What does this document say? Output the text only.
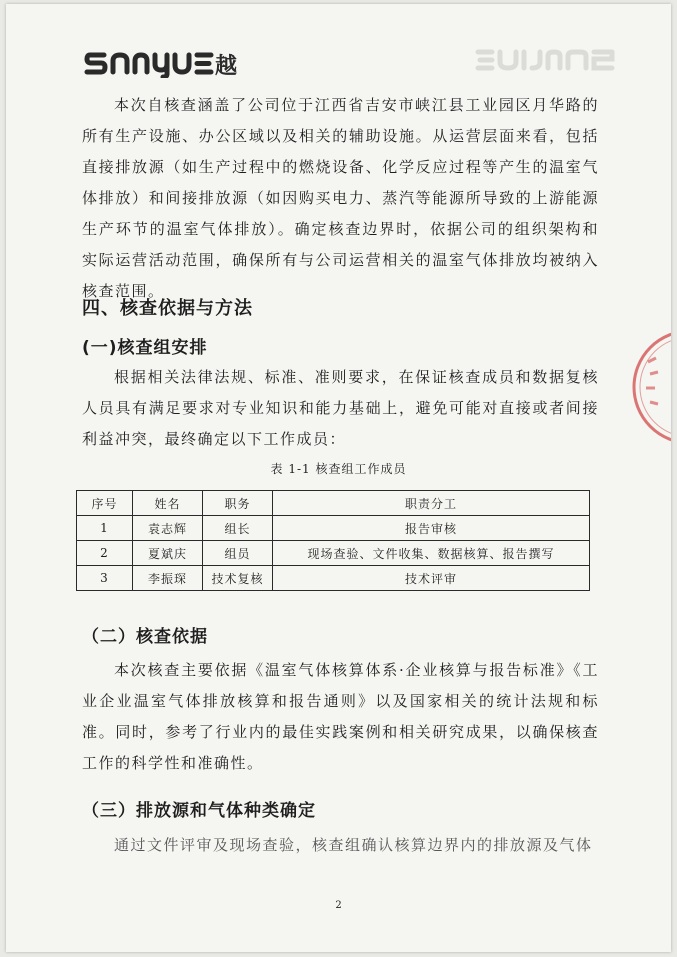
越

本次自核查涵盖了公司位于江西省吉安市峡江县工业园区月华路的所有生产设施、办公区域以及相关的辅助设施。从运营层面来看，包括直接排放源（如生产过程中的燃烧设备、化学反应过程等产生的温室气体排放）和间接排放源（如因购买电力、蒸汽等能源所导致的上游能源生产环节的温室气体排放）。确定核查边界时，依据公司的组织架构和实际运营活动范围，确保所有与公司运营相关的温室气体排放均被纳入核查范围。

四、核查依据与方法
(一)核查组安排

根据相关法律法规、标准、准则要求，在保证核查成员和数据复核人员具有满足要求对专业知识和能力基础上，避免可能对直接或者间接利益冲突，最终确定以下工作成员：

表 1-1 核查组工作成员
序号	姓名	职务	职责分工
1	袁志辉	组长	报告审核
2	夏斌庆	组员	现场查验、文件收集、数据核算、报告撰写
3	李振琛	技术复核	技术评审
（二）核查依据

本次核查主要依据《温室气体核算体系·企业核算与报告标准》《工业企业温室气体排放核算和报告通则》以及国家相关的统计法规和标准。同时，参考了行业内的最佳实践案例和相关研究成果，以确保核查工作的科学性和准确性。

（三）排放源和气体种类确定

通过文件评审及现场查验，核查组确认核算边界内的排放源及气体

2
